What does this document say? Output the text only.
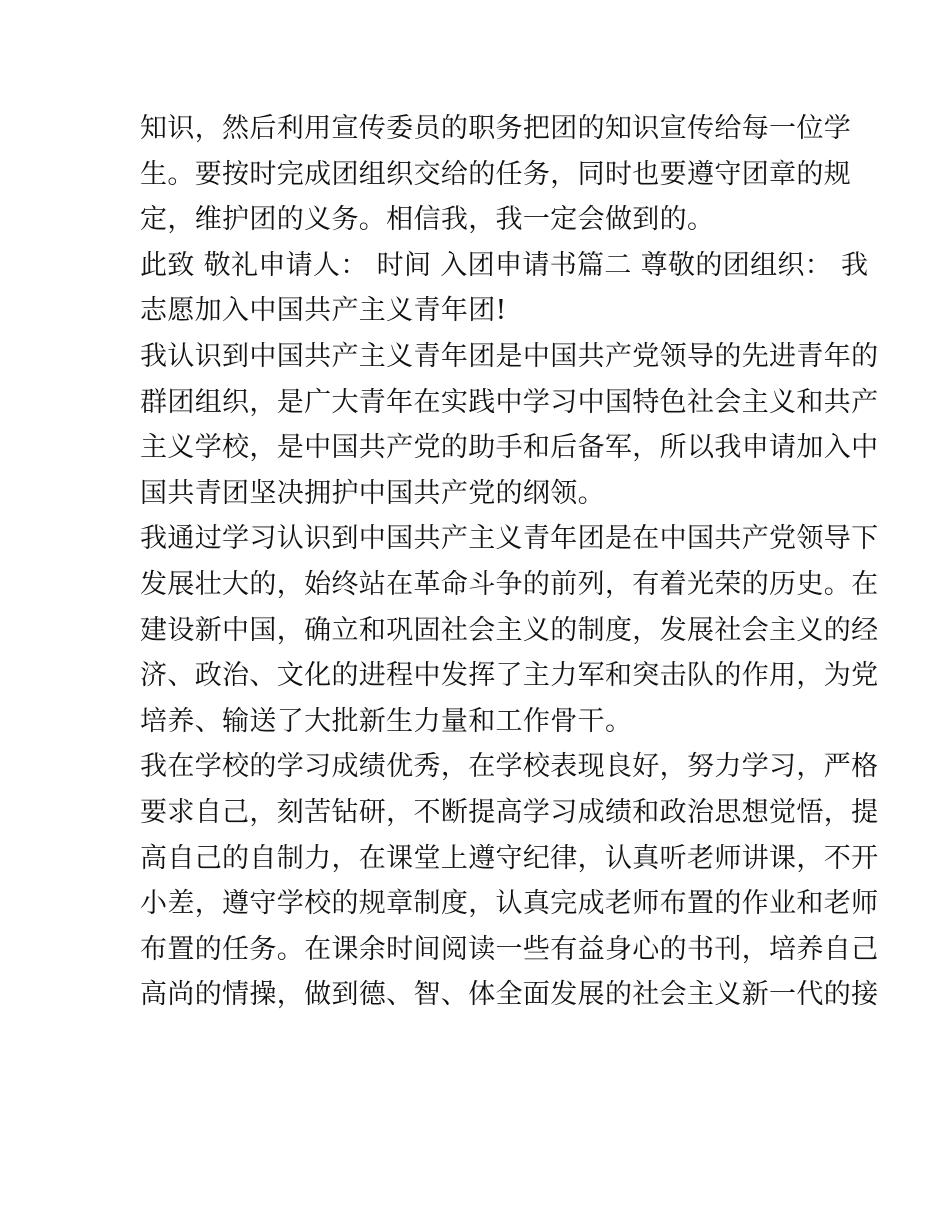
知识，然后利用宣传委员的职务把团的知识宣传给每一位学
生。要按时完成团组织交给的任务，同时也要遵守团章的规
定，维护团的义务。相信我，我一定会做到的。
此致 敬礼申请人： 时间 入团申请书篇二 尊敬的团组织： 我
志愿加入中国共产主义青年团!
我认识到中国共产主义青年团是中国共产党领导的先进青年的
群团组织，是广大青年在实践中学习中国特色社会主义和共产
主义学校，是中国共产党的助手和后备军，所以我申请加入中
国共青团坚决拥护中国共产党的纲领。
我通过学习认识到中国共产主义青年团是在中国共产党领导下
发展壮大的，始终站在革命斗争的前列，有着光荣的历史。在
建设新中国，确立和巩固社会主义的制度，发展社会主义的经
济、政治、文化的进程中发挥了主力军和突击队的作用，为党
培养、输送了大批新生力量和工作骨干。
我在学校的学习成绩优秀，在学校表现良好，努力学习，严格
要求自己，刻苦钻研，不断提高学习成绩和政治思想觉悟，提
高自己的自制力，在课堂上遵守纪律，认真听老师讲课，不开
小差，遵守学校的规章制度，认真完成老师布置的作业和老师
布置的任务。在课余时间阅读一些有益身心的书刊，培养自己
高尚的情操，做到德、智、体全面发展的社会主义新一代的接
